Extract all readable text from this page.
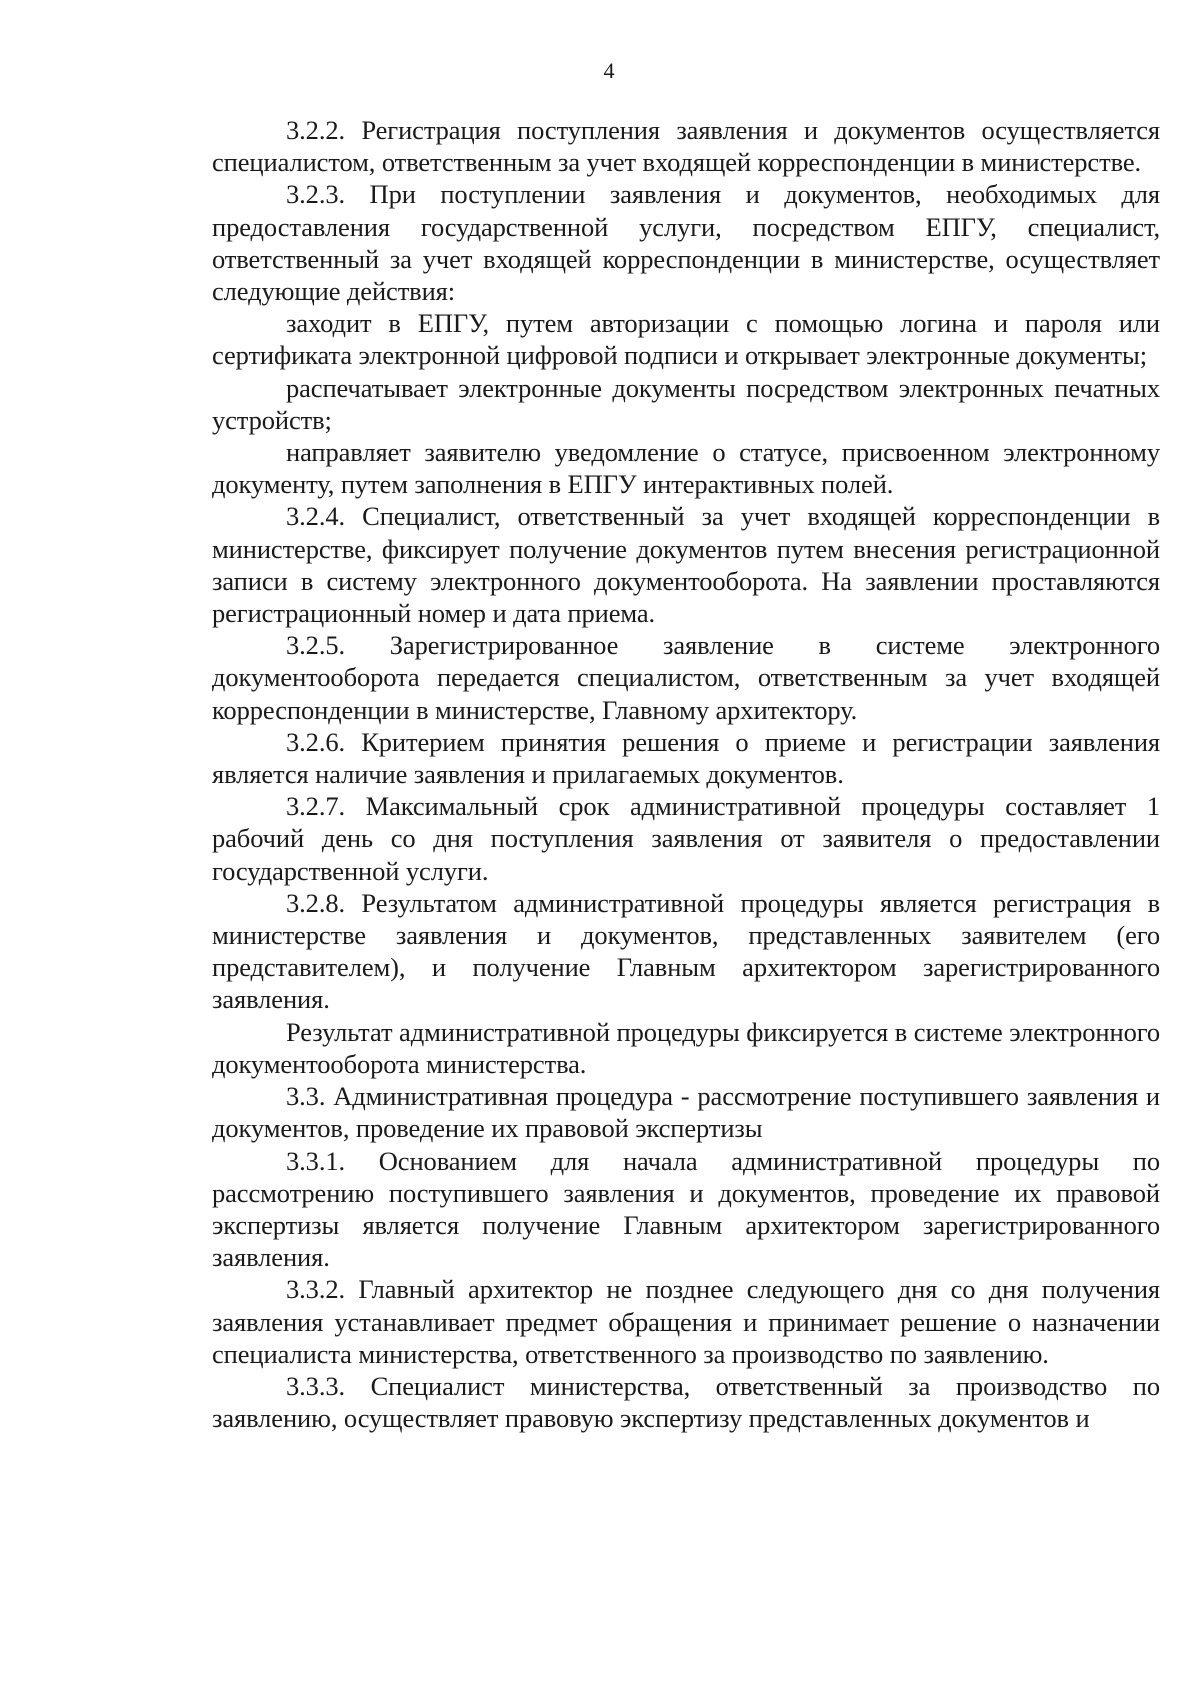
4

3.2.2. Регистрация поступления заявления и документов осуществляется специалистом, ответственным за учет входящей корреспонденции в министерстве.

3.2.3. При поступлении заявления и документов, необходимых для предоставления государственной услуги, посредством ЕПГУ, специалист, ответственный за учет входящей корреспонденции в министерстве, осуществляет следующие действия:

заходит в ЕПГУ, путем авторизации с помощью логина и пароля или сертификата электронной цифровой подписи и открывает электронные документы;

распечатывает электронные документы посредством электронных печатных устройств;

направляет заявителю уведомление о статусе, присвоенном электронному документу, путем заполнения в ЕПГУ интерактивных полей.

3.2.4. Специалист, ответственный за учет входящей корреспонденции в министерстве, фиксирует получение документов путем внесения регистрационной записи в систему электронного документооборота. На заявлении проставляются регистрационный номер и дата приема.

3.2.5. Зарегистрированное заявление в системе электронного документооборота передается специалистом, ответственным за учет входящей корреспонденции в министерстве, Главному архитектору.

3.2.6. Критерием принятия решения о приеме и регистрации заявления является наличие заявления и прилагаемых документов.

3.2.7. Максимальный срок административной процедуры составляет 1 рабочий день со дня поступления заявления от заявителя о предоставлении государственной услуги.

3.2.8. Результатом административной процедуры является регистрация в министерстве заявления и документов, представленных заявителем (его представителем), и получение Главным архитектором зарегистрированного заявления.

Результат административной процедуры фиксируется в системе электронного документооборота министерства.

3.3. Административная процедура - рассмотрение поступившего заявления и документов, проведение их правовой экспертизы

3.3.1. Основанием для начала административной процедуры по рассмотрению поступившего заявления и документов, проведение их правовой экспертизы является получение Главным архитектором зарегистрированного заявления.

3.3.2. Главный архитектор не позднее следующего дня со дня получения заявления устанавливает предмет обращения и принимает решение о назначении специалиста министерства, ответственного за производство по заявлению.

3.3.3. Специалист министерства, ответственный за производство по заявлению, осуществляет правовую экспертизу представленных документов и
